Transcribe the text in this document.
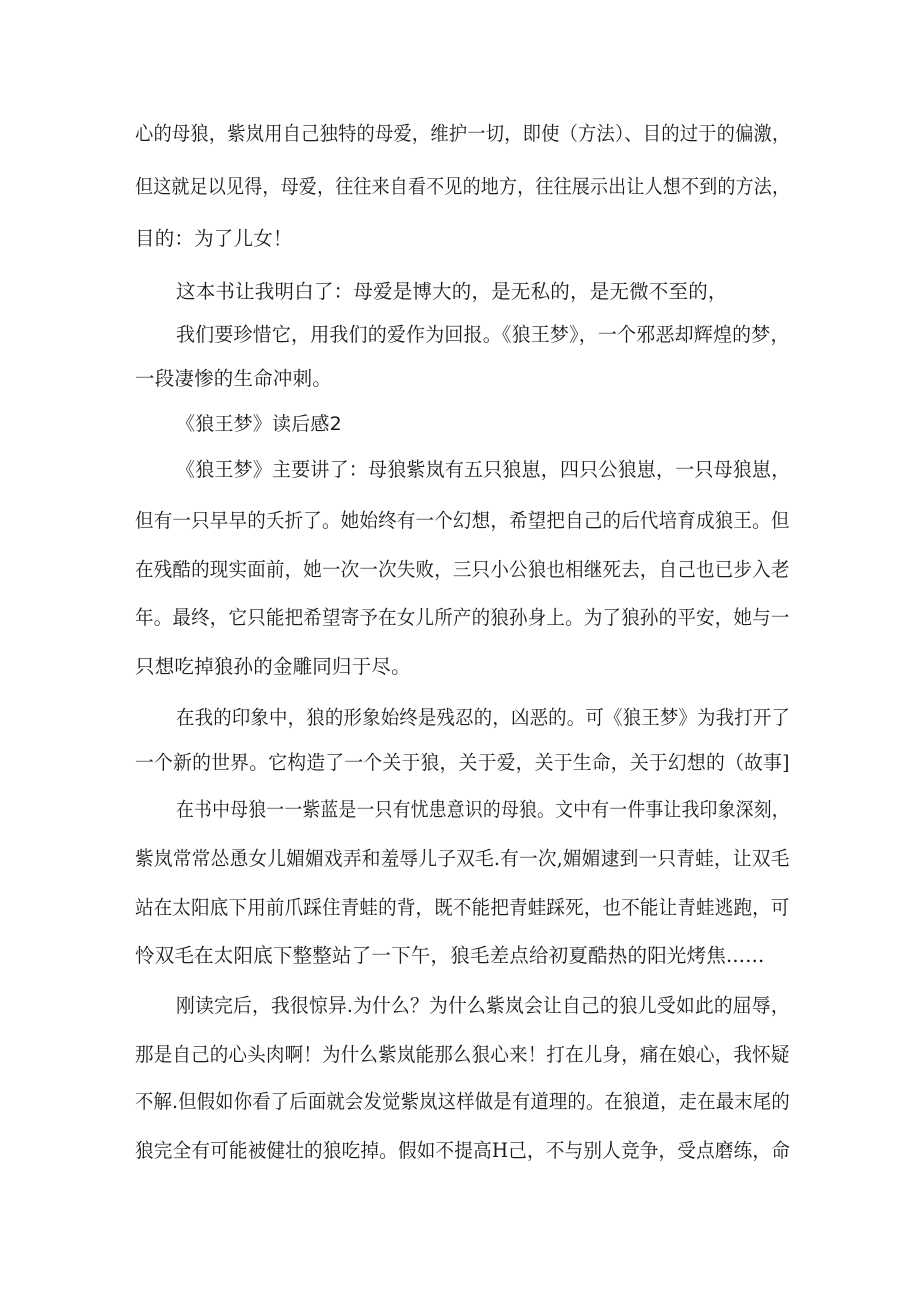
心的母狼，紫岚用自己独特的母爱，维护一切，即使（方法）、目的过于的偏激，
但这就足以见得，母爱，往往来自看不见的地方，往往展示出让人想不到的方法，
目的：为了儿女！
这本书让我明白了：母爱是博大的，是无私的，是无微不至的，
我们要珍惜它，用我们的爱作为回报。《狼王梦》，一个邪恶却辉煌的梦，
一段凄惨的生命冲刺。
《狼王梦》读后感2
《狼王梦》主要讲了：母狼紫岚有五只狼崽，四只公狼崽，一只母狼崽，
但有一只早早的夭折了。她始终有一个幻想，希望把自己的后代培育成狼王。但
在残酷的现实面前，她一次一次失败，三只小公狼也相继死去，自己也已步入老
年。最终，它只能把希望寄予在女儿所产的狼孙身上。为了狼孙的平安，她与一
只想吃掉狼孙的金雕同归于尽。
在我的印象中，狼的形象始终是残忍的，凶恶的。可《狼王梦》为我打开了
一个新的世界。它构造了一个关于狼，关于爱，关于生命，关于幻想的（故事]
在书中母狼一一紫蓝是一只有忧患意识的母狼。文中有一件事让我印象深刻，
紫岚常常怂恿女儿媚媚戏弄和羞辱儿子双毛.有一次,媚媚逮到一只青蛙，让双毛
站在太阳底下用前爪踩住青蛙的背，既不能把青蛙踩死，也不能让青蛙逃跑，可
怜双毛在太阳底下整整站了一下午，狼毛差点给初夏酷热的阳光烤焦......
刚读完后，我很惊异.为什么？为什么紫岚会让自己的狼儿受如此的屈辱，
那是自己的心头肉啊！为什么紫岚能那么狠心来！打在儿身，痛在娘心，我怀疑
不解.但假如你看了后面就会发觉紫岚这样做是有道理的。在狼道，走在最末尾的
狼完全有可能被健壮的狼吃掉。假如不提高H己，不与别人竞争，受点磨练，命
